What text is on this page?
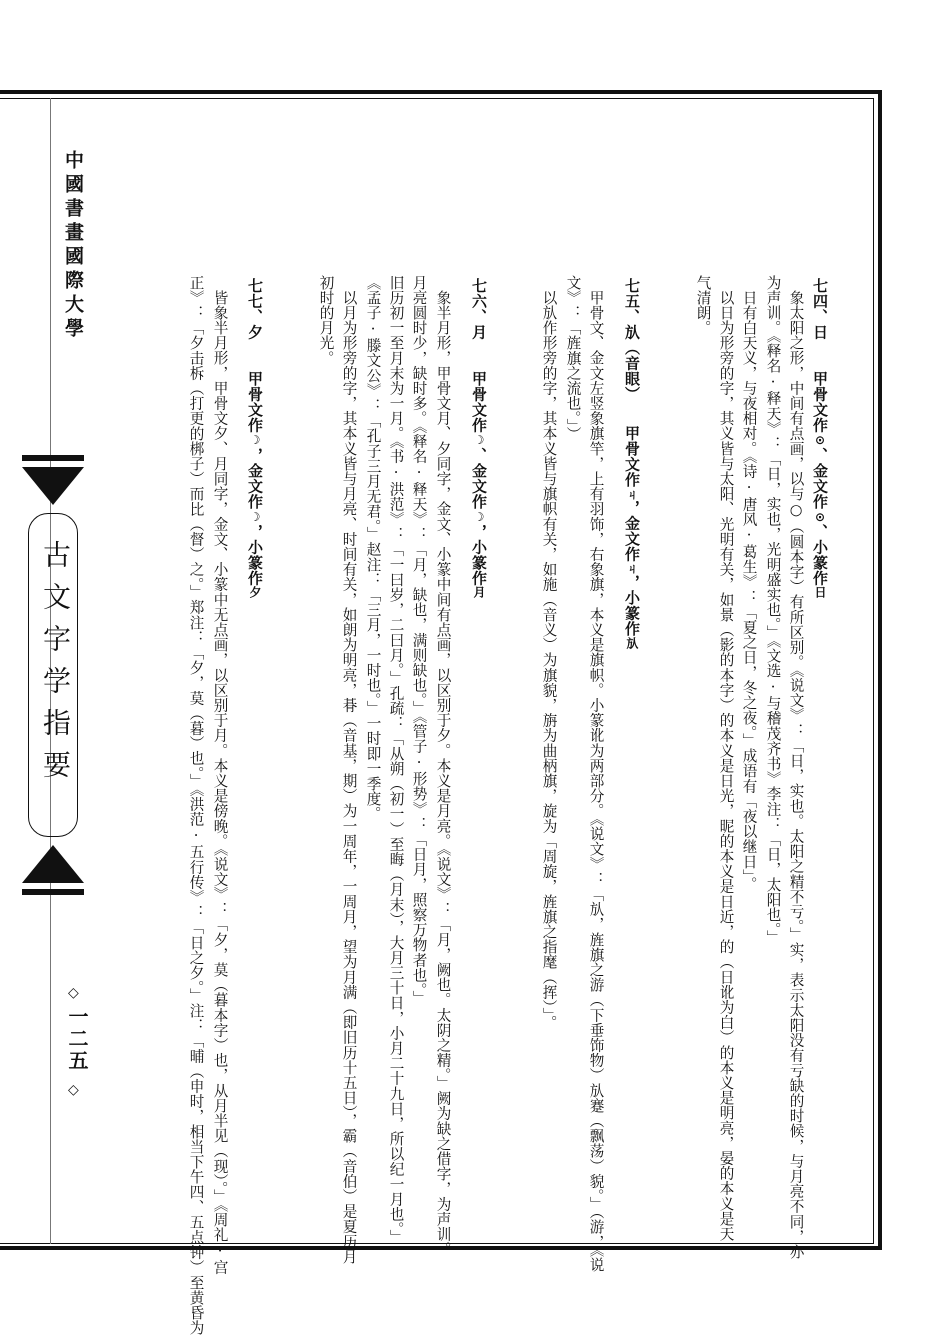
中國書畫國際大學
古文字学指要
◇
一二五
◇
七四、日　　甲骨文作⊙、金文作⊙、小篆作日
象太阳之形，中间有点画，以与○（圆本字）有所区别。《说文》：「日，实也。太阳之精不亏。」实，表示太阳没有亏缺的时候，与月亮不同，亦
为声训。《释名·释天》：「日，实也，光明盛实也。」《文选·与稽茂齐书》李注：「日，太阳也。」
日有白天义，与夜相对。《诗·唐风·葛生》：「夏之日，冬之夜。」成语有「夜以继日」。
以日为形旁的字，其义皆与太阳、光明有关，如景（影的本字）的本义是日光，昵的本义是日近，的（日讹为白）的本义是明亮，晏的本义是天
气清朗。
七五、㫃（音眼）　　甲骨文作ㄐ，金文作ㄐ，小篆作㫃
甲骨文、金文左竖象旗竿，上有羽饰，右象旗，本义是旗帜。小篆讹为两部分。《说文》：「㫃，旌旗之游（下垂饰物）㫃蹇（飘荡）貌。」（游，《说
文》：「旌旗之流也。」）
以㫃作形旁的字，其本义皆与旗帜有关，如施（音义）为旗貌，旃为曲柄旗，旋为「周旋，旌旗之指麾（挥）」。
七六、月　　甲骨文作☽、金文作☽，小篆作月
象半月形，甲骨文月、夕同字，金文、小篆中间有点画，以区别于夕。本义是月亮。《说文》：「月，阙也。太阴之精。」阙为缺之借字，为声训。
月亮圆时少，缺时多。《释名·释天》：「月，缺也，满则缺也。」《管子·形势》：「日月，照察万物者也。」
旧历初一至月末为一月。《书·洪范》：「一曰岁，二曰月。」孔疏：「从朔（初一）至晦（月末），大月三十日，小月二十九日，所以纪一月也。」
《孟子·滕文公》：「孔子三月无君。」赵注：「三月，一时也。」一时即一季度。
以月为形旁的字，其本义皆与月亮、时间有关，如朗为明亮，朞（音基，期）为一周年，一周月，望为月满（即旧历十五日），霸（音伯）是夏历月
初时的月光。
七七、夕　　甲骨文作☽，金文作☽，小篆作夕
皆象半月形，甲骨文夕、月同字，金文、小篆中无点画，以区别于月。本义是傍晚。《说文》：「夕，莫（暮本字）也，从月半见（现）。」《周礼·宫
正》：「夕击柝（打更的梆子）而比（督）之。」郑注：「夕，莫（暮）也。」《洪范·五行传》：「日之夕。」注：「晡（申时，相当下午四、五点钟）至黄昏为
